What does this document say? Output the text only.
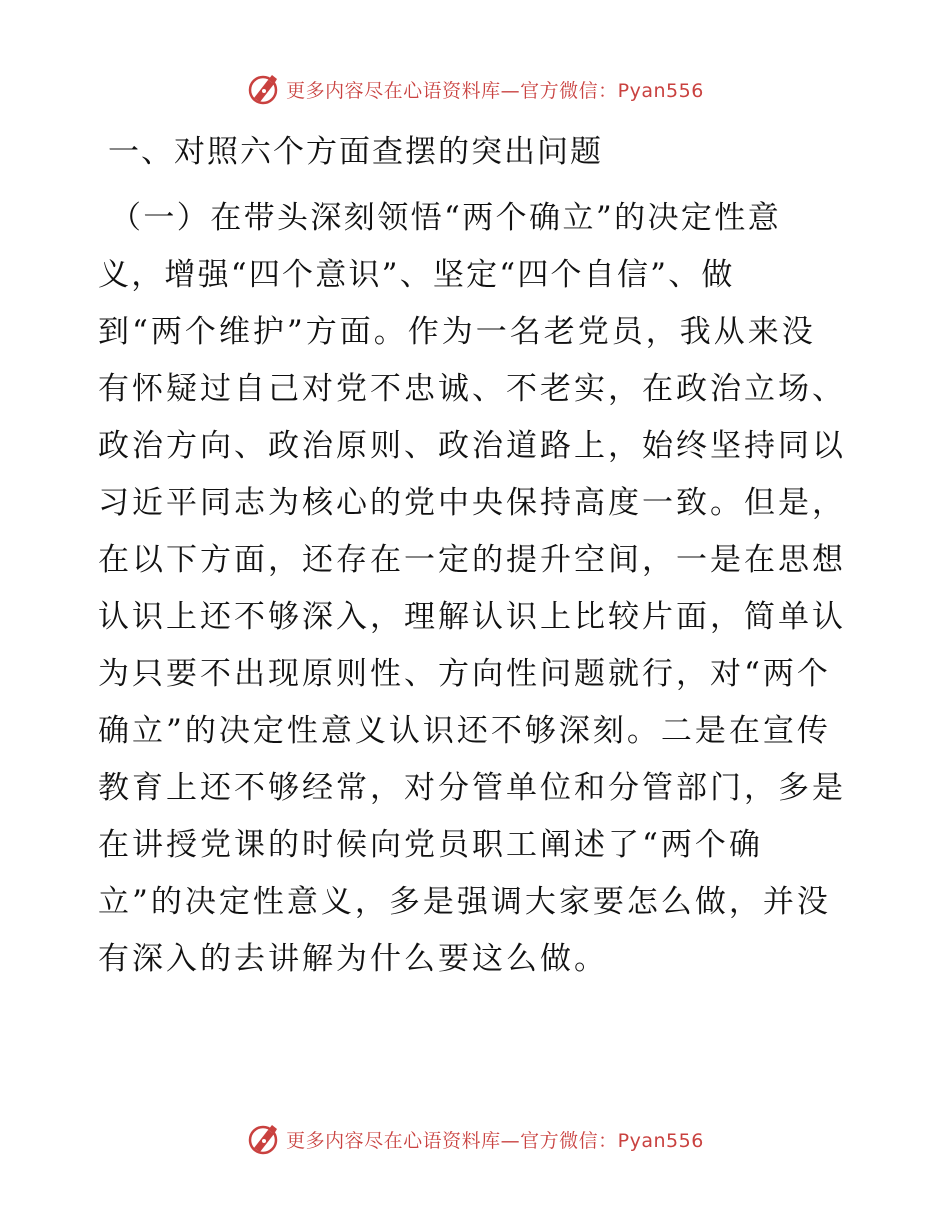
更多内容尽在心语资料库—官方微信：Pyan556
一、对照六个方面查摆的突出问题

（一）在带头深刻领悟“两个确立”的决定性意

义，增强“四个意识”、坚定“四个自信”、做

到“两个维护”方面。作为一名老党员，我从来没

有怀疑过自己对党不忠诚、不老实，在政治立场、

政治方向、政治原则、政治道路上，始终坚持同以

习近平同志为核心的党中央保持高度一致。但是，

在以下方面，还存在一定的提升空间，一是在思想

认识上还不够深入，理解认识上比较片面，简单认

为只要不出现原则性、方向性问题就行，对“两个

确立”的决定性意义认识还不够深刻。二是在宣传

教育上还不够经常，对分管单位和分管部门，多是

在讲授党课的时候向党员职工阐述了“两个确

立”的决定性意义，多是强调大家要怎么做，并没

有深入的去讲解为什么要这么做。

更多内容尽在心语资料库—官方微信：Pyan556
